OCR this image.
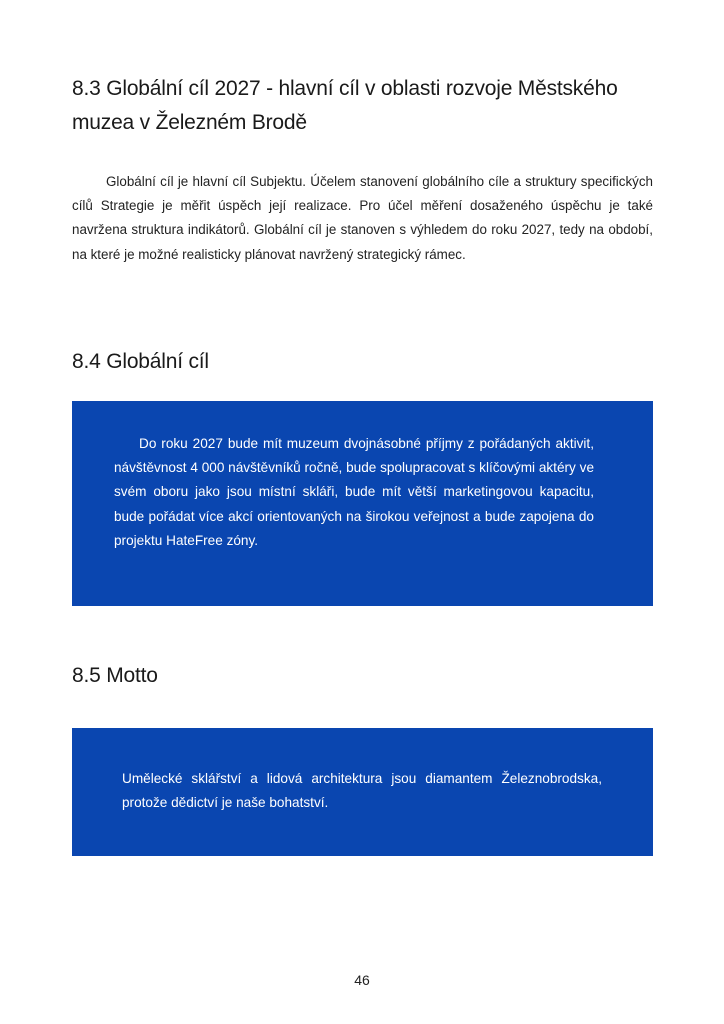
8.3 Globální cíl 2027 - hlavní cíl v oblasti rozvoje Městského muzea v Železném Brodě

Globální cíl je hlavní cíl Subjektu. Účelem stanovení globálního cíle a struktury specifických cílů Strategie je měřit úspěch její realizace. Pro účel měření dosaženého úspěchu je také navržena struktura indikátorů. Globální cíl je stanoven s výhledem do roku 2027, tedy na období, na které je možné realisticky plánovat navržený strategický rámec.

8.4 Globální cíl

Do roku 2027 bude mít muzeum dvojnásobné příjmy z pořádaných aktivit, návštěvnost 4 000 návštěvníků ročně, bude spolupracovat s klíčovými aktéry ve svém oboru jako jsou místní skláři, bude mít větší marketingovou kapacitu, bude pořádat více akcí orientovaných na širokou veřejnost a bude zapojena do projektu HateFree zóny.

8.5 Motto

Umělecké sklářství a lidová architektura jsou diamantem Železnobrodska, protože dědictví je naše bohatství.

46
